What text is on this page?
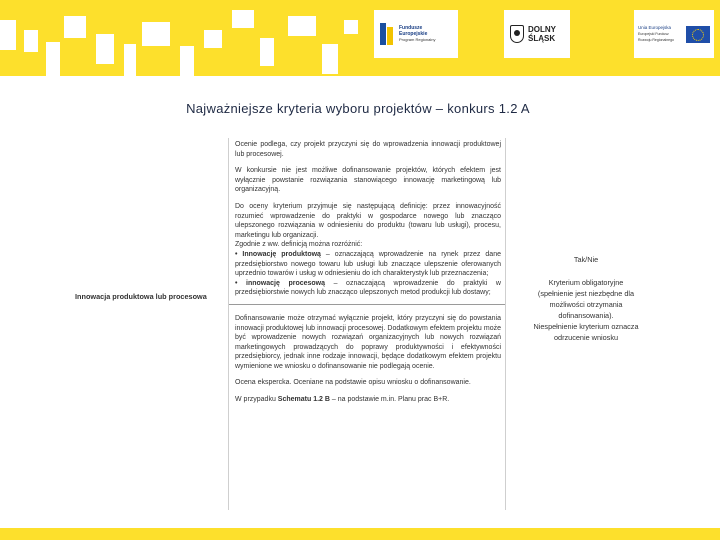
Fundusze
Europejskie
Program Regionalny
DOLNY
ŚLĄSK
Unia Europejska
Europejski Fundusz
Rozwoju Regionalnego
Najważniejsze kryteria wyboru projektów – konkurs 1.2 A
Innowacja produktowa lub procesowa

Ocenie podlega, czy projekt przyczyni się do wprowadzenia innowacji produktowej lub procesowej.

W konkursie nie jest możliwe dofinansowanie projektów, których efektem jest wyłącznie powstanie rozwiązania stanowiącego innowację marketingową lub organizacyjną.

Do oceny kryterium przyjmuje się następującą definicję: przez innowacyjność rozumieć wprowadzenie do praktyki w gospodarce nowego lub znacząco ulepszonego rozwiązania w odniesieniu do produktu (towaru lub usługi), procesu, marketingu lub organizacji.

Zgodnie z ww. definicją można rozróżnić:

• Innowację produktową – oznaczającą wprowadzenie na rynek przez dane przedsiębiorstwo nowego towaru lub usługi lub znaczące ulepszenie oferowanych uprzednio towarów i usług w odniesieniu do ich charakterystyk lub przeznaczenia;

• innowację procesową – oznaczającą wprowadzenie do praktyki w przedsiębiorstwie nowych lub znacząco ulepszonych metod produkcji lub dostawy;

Dofinansowanie może otrzymać wyłącznie projekt, który przyczyni się do powstania innowacji produktowej lub innowacji procesowej. Dodatkowym efektem projektu może być wprowadzenie nowych rozwiązań organizacyjnych lub nowych rozwiązań marketingowych prowadzących do poprawy produktywności i efektywności przedsiębiorcy, jednak inne rodzaje innowacji, będące dodatkowym efektem projektu wymienione we wniosku o dofinansowanie nie podlegają ocenie.

Ocena ekspercka. Oceniane na podstawie opisu wniosku o dofinansowanie.

W przypadku Schematu 1.2 B – na podstawie m.in. Planu prac B+R.

Tak/Nie
Kryterium obligatoryjne
(spełnienie jest niezbędne dla
możliwości otrzymania
dofinansowania).
Niespełnienie kryterium oznacza
odrzucenie wniosku
